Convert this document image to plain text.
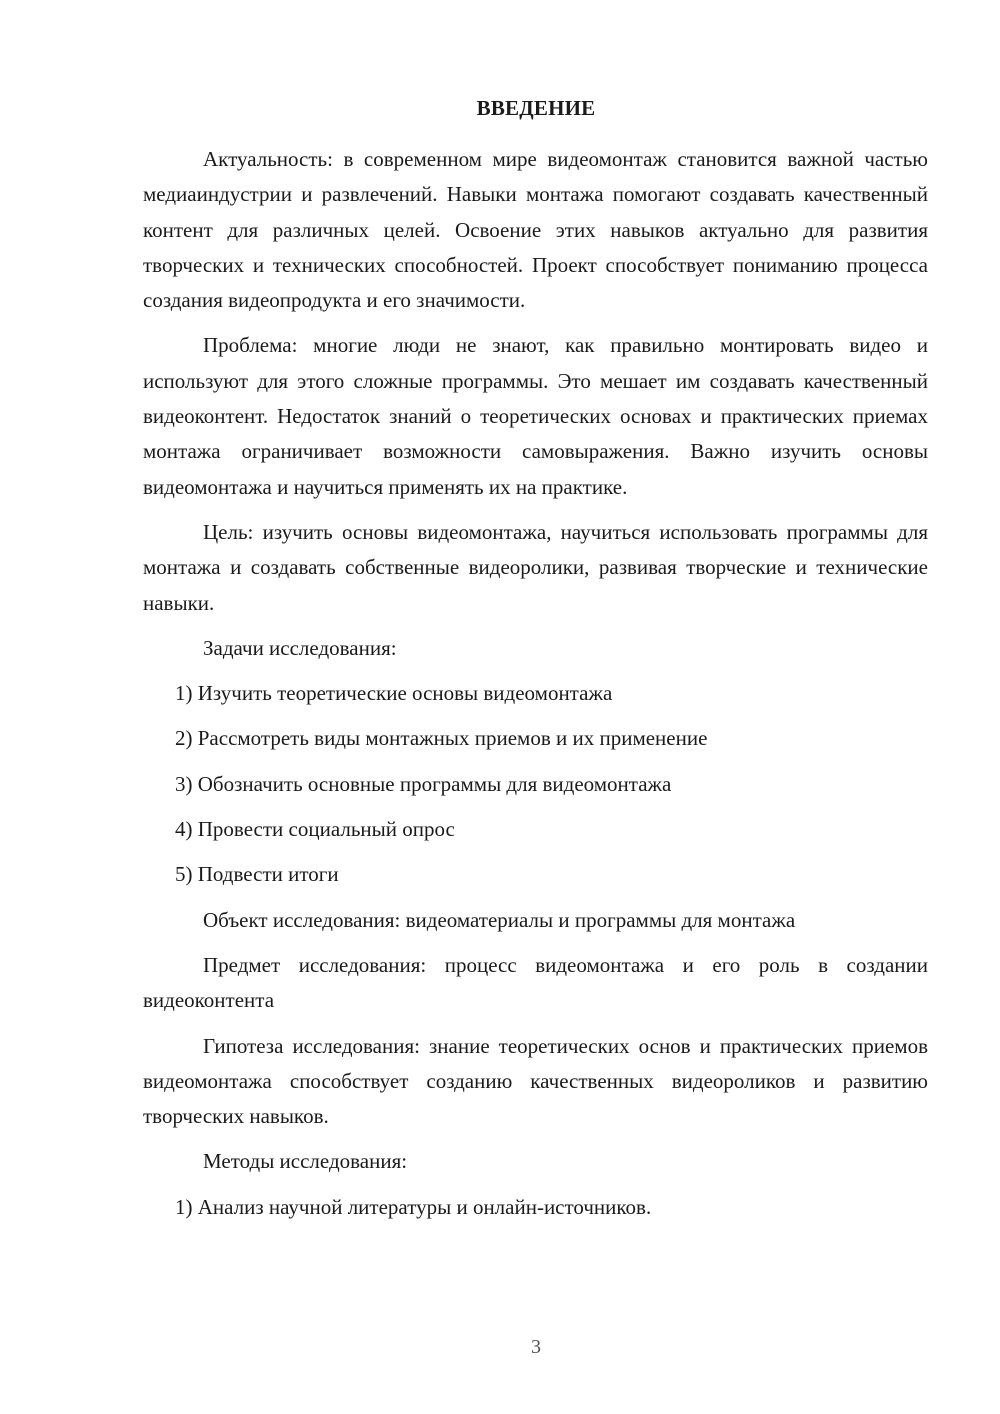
ВВЕДЕНИЕ

Актуальность: в современном мире видеомонтаж становится важной частью медиаиндустрии и развлечений. Навыки монтажа помогают создавать качественный контент для различных целей. Освоение этих навыков актуально для развития творческих и технических способностей. Проект способствует пониманию процесса создания видеопродукта и его значимости.

Проблема: многие люди не знают, как правильно монтировать видео и используют для этого сложные программы. Это мешает им создавать качественный видеоконтент. Недостаток знаний о теоретических основах и практических приемах монтажа ограничивает возможности самовыражения. Важно изучить основы видеомонтажа и научиться применять их на практике.

Цель: изучить основы видеомонтажа, научиться использовать программы для монтажа и создавать собственные видеоролики, развивая творческие и технические навыки.

Задачи исследования:

1) Изучить теоретические основы видеомонтажа
2) Рассмотреть виды монтажных приемов и их применение
3) Обозначить основные программы для видеомонтажа
4) Провести социальный опрос
5) Подвести итоги

Объект исследования: видеоматериалы и программы для монтажа

Предмет исследования: процесс видеомонтажа и его роль в создании видеоконтента

Гипотеза исследования: знание теоретических основ и практических приемов видеомонтажа способствует созданию качественных видеороликов и развитию творческих навыков.

Методы исследования:

1) Анализ научной литературы и онлайн-источников.
3
